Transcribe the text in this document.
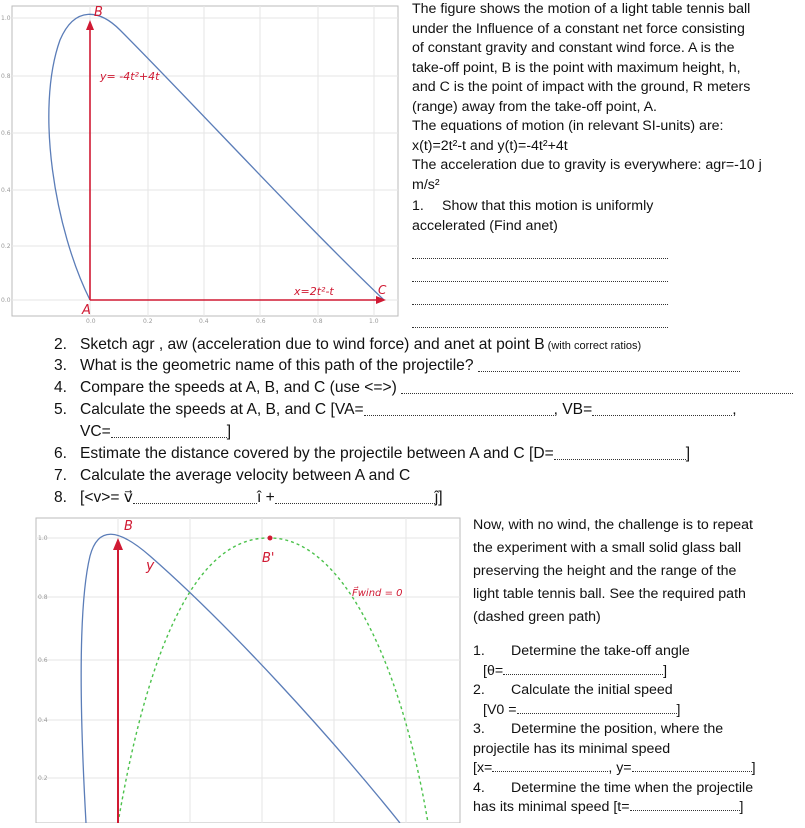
1.0
0.8
0.6
0.4
0.2
0.0
0.0	0.2	0.4	0.6	0.8	1.0
A
B
C
y= -4t²+4t
x=2t²-t
The figure shows the motion of a light table tennis ball
under the Influence of a constant net force consisting
of constant gravity and constant wind force. A is the
take-off point, B is the point with maximum height, h,
and C is the point of impact with the ground, R meters
(range) away from the take-off point, A.
The equations of motion (in relevant SI-units) are:
x(t)=2t²-t and y(t)=-4t²+4t
The acceleration due to gravity is everywhere: agr=-10 j
m/s²
1. Show that this motion is uniformly
accelerated (Find anet)
2. Sketch agr , aw (acceleration due to wind force) and anet at point B (with correct ratios)
3. What is the geometric name of this path of the projectile?
4. Compare the speeds at A, B, and C (use <=>)
5. Calculate the speeds at A, B, and C [VA=	, VB=	,
VC=	]
6. Estimate the distance covered by the projectile between A and C [D=	]
7. Calculate the average velocity between A and C
8. [<v>= v⃗	î +	ĵ]
1.0
0.8
0.6
0.4
0.2
B
y	B'
F⃗wind = 0
Now, with no wind, the challenge is to repeat
the experiment with a small solid glass ball
preserving the height and the range of the
light table tennis ball. See the required path
(dashed green path)
1. Determine the take-off angle
[θ=	]
2. Calculate the initial speed
[V0 =	]
3. Determine the position, where the
projectile has its minimal speed
[x=	, y=	]
4. Determine the time when the projectile
has its minimal speed [t=	]
